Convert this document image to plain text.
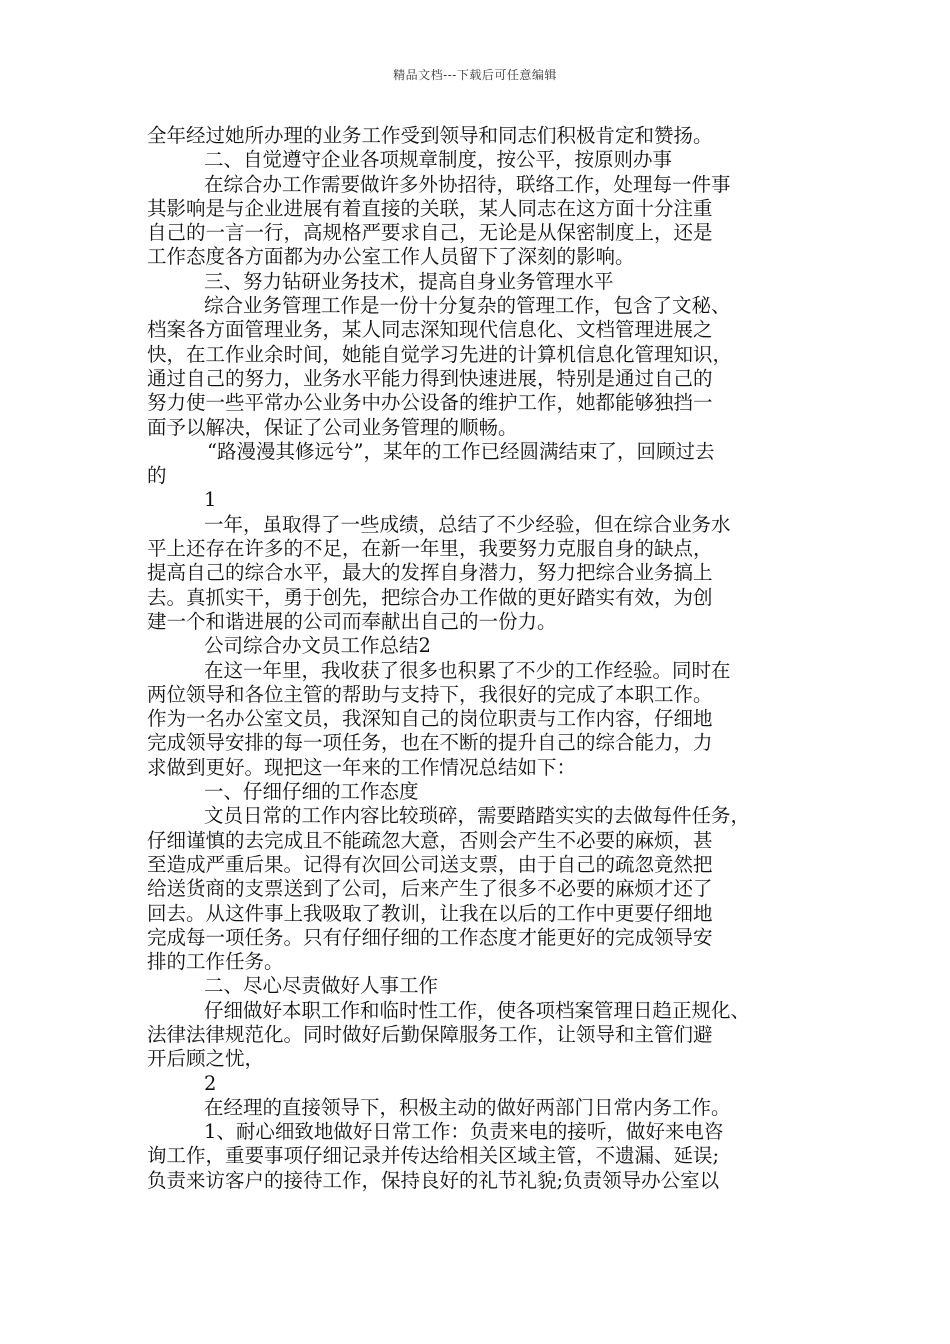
精品文档---下载后可任意编辑
全年经过她所办理的业务工作受到领导和同志们积极肯定和赞扬。
二、自觉遵守企业各项规章制度，按公平，按原则办事
在综合办工作需要做许多外协招待，联络工作，处理每一件事
其影响是与企业进展有着直接的关联，某人同志在这方面十分注重
自己的一言一行，高规格严要求自己，无论是从保密制度上，还是
工作态度各方面都为办公室工作人员留下了深刻的影响。
三、努力钻研业务技术，提高自身业务管理水平
综合业务管理工作是一份十分复杂的管理工作，包含了文秘、
档案各方面管理业务，某人同志深知现代信息化、文档管理进展之
快，在工作业余时间，她能自觉学习先进的计算机信息化管理知识，
通过自己的努力，业务水平能力得到快速进展，特别是通过自己的
努力使一些平常办公业务中办公设备的维护工作，她都能够独挡一
面予以解决，保证了公司业务管理的顺畅。
“路漫漫其修远兮”，某年的工作已经圆满结束了，回顾过去
的
1
一年，虽取得了一些成绩，总结了不少经验，但在综合业务水
平上还存在许多的不足，在新一年里，我要努力克服自身的缺点，
提高自己的综合水平，最大的发挥自身潜力，努力把综合业务搞上
去。真抓实干，勇于创先，把综合办工作做的更好踏实有效，为创
建一个和谐进展的公司而奉献出自己的一份力。
公司综合办文员工作总结2
在这一年里，我收获了很多也积累了不少的工作经验。同时在
两位领导和各位主管的帮助与支持下，我很好的完成了本职工作。
作为一名办公室文员，我深知自己的岗位职责与工作内容，仔细地
完成领导安排的每一项任务，也在不断的提升自己的综合能力，力
求做到更好。现把这一年来的工作情况总结如下：
一、仔细仔细的工作态度
文员日常的工作内容比较琐碎，需要踏踏实实的去做每件任务，
仔细谨慎的去完成且不能疏忽大意，否则会产生不必要的麻烦，甚
至造成严重后果。记得有次回公司送支票，由于自己的疏忽竟然把
给送货商的支票送到了公司，后来产生了很多不必要的麻烦才还了
回去。从这件事上我吸取了教训，让我在以后的工作中更要仔细地
完成每一项任务。只有仔细仔细的工作态度才能更好的完成领导安
排的工作任务。
二、尽心尽责做好人事工作
仔细做好本职工作和临时性工作，使各项档案管理日趋正规化、
法律法律规范化。同时做好后勤保障服务工作，让领导和主管们避
开后顾之忧，
2
在经理的直接领导下，积极主动的做好两部门日常内务工作。
1、耐心细致地做好日常工作：负责来电的接听，做好来电咨
询工作，重要事项仔细记录并传达给相关区域主管，不遗漏、延误;
负责来访客户的接待工作，保持良好的礼节礼貌;负责领导办公室以
